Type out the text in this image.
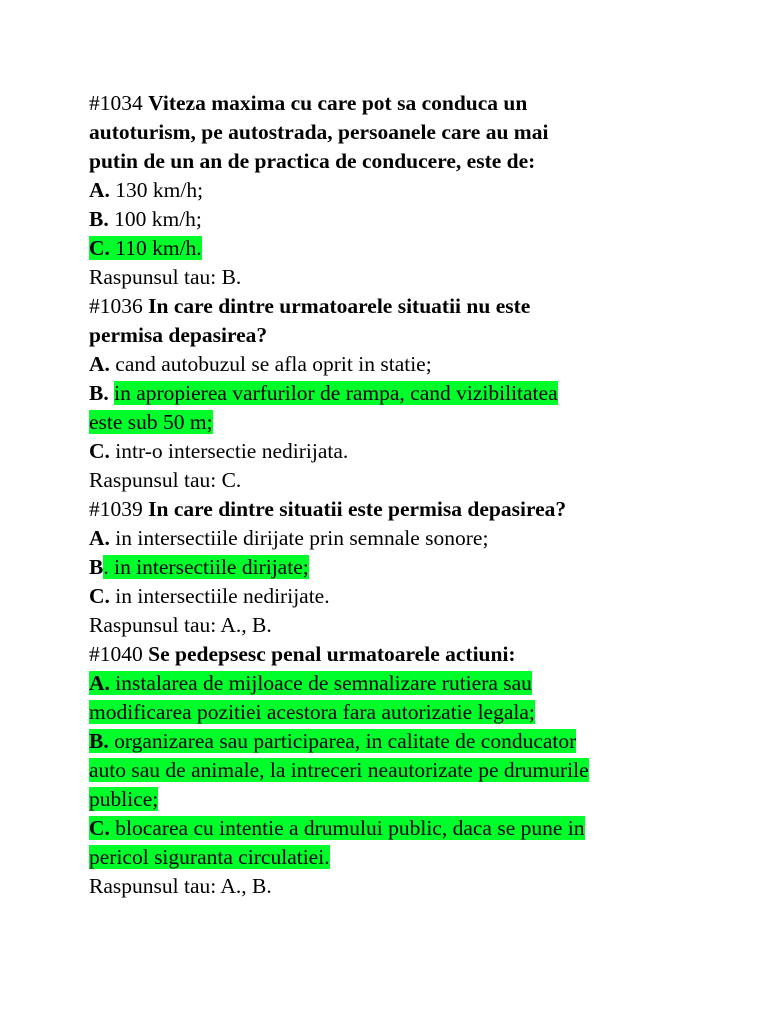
#1034 Viteza maxima cu care pot sa conduca un
autoturism, pe autostrada, persoanele care au mai
putin de un an de practica de conducere, este de:
A. 130 km/h;
B. 100 km/h;
C. 110 km/h.
Raspunsul tau: B.
#1036 In care dintre urmatoarele situatii nu este
permisa depasirea?
A. cand autobuzul se afla oprit in statie;
B. in apropierea varfurilor de rampa, cand vizibilitatea
este sub 50 m;
C. intr-o intersectie nedirijata.
Raspunsul tau: C.
#1039 In care dintre situatii este permisa depasirea?
A. in intersectiile dirijate prin semnale sonore;
B. in intersectiile dirijate;
C. in intersectiile nedirijate.
Raspunsul tau: A., B.
#1040 Se pedepsesc penal urmatoarele actiuni:
A. instalarea de mijloace de semnalizare rutiera sau
modificarea pozitiei acestora fara autorizatie legala;
B. organizarea sau participarea, in calitate de conducator
auto sau de animale, la intreceri neautorizate pe drumurile
publice;
C. blocarea cu intentie a drumului public, daca se pune in
pericol siguranta circulatiei.
Raspunsul tau: A., B.
